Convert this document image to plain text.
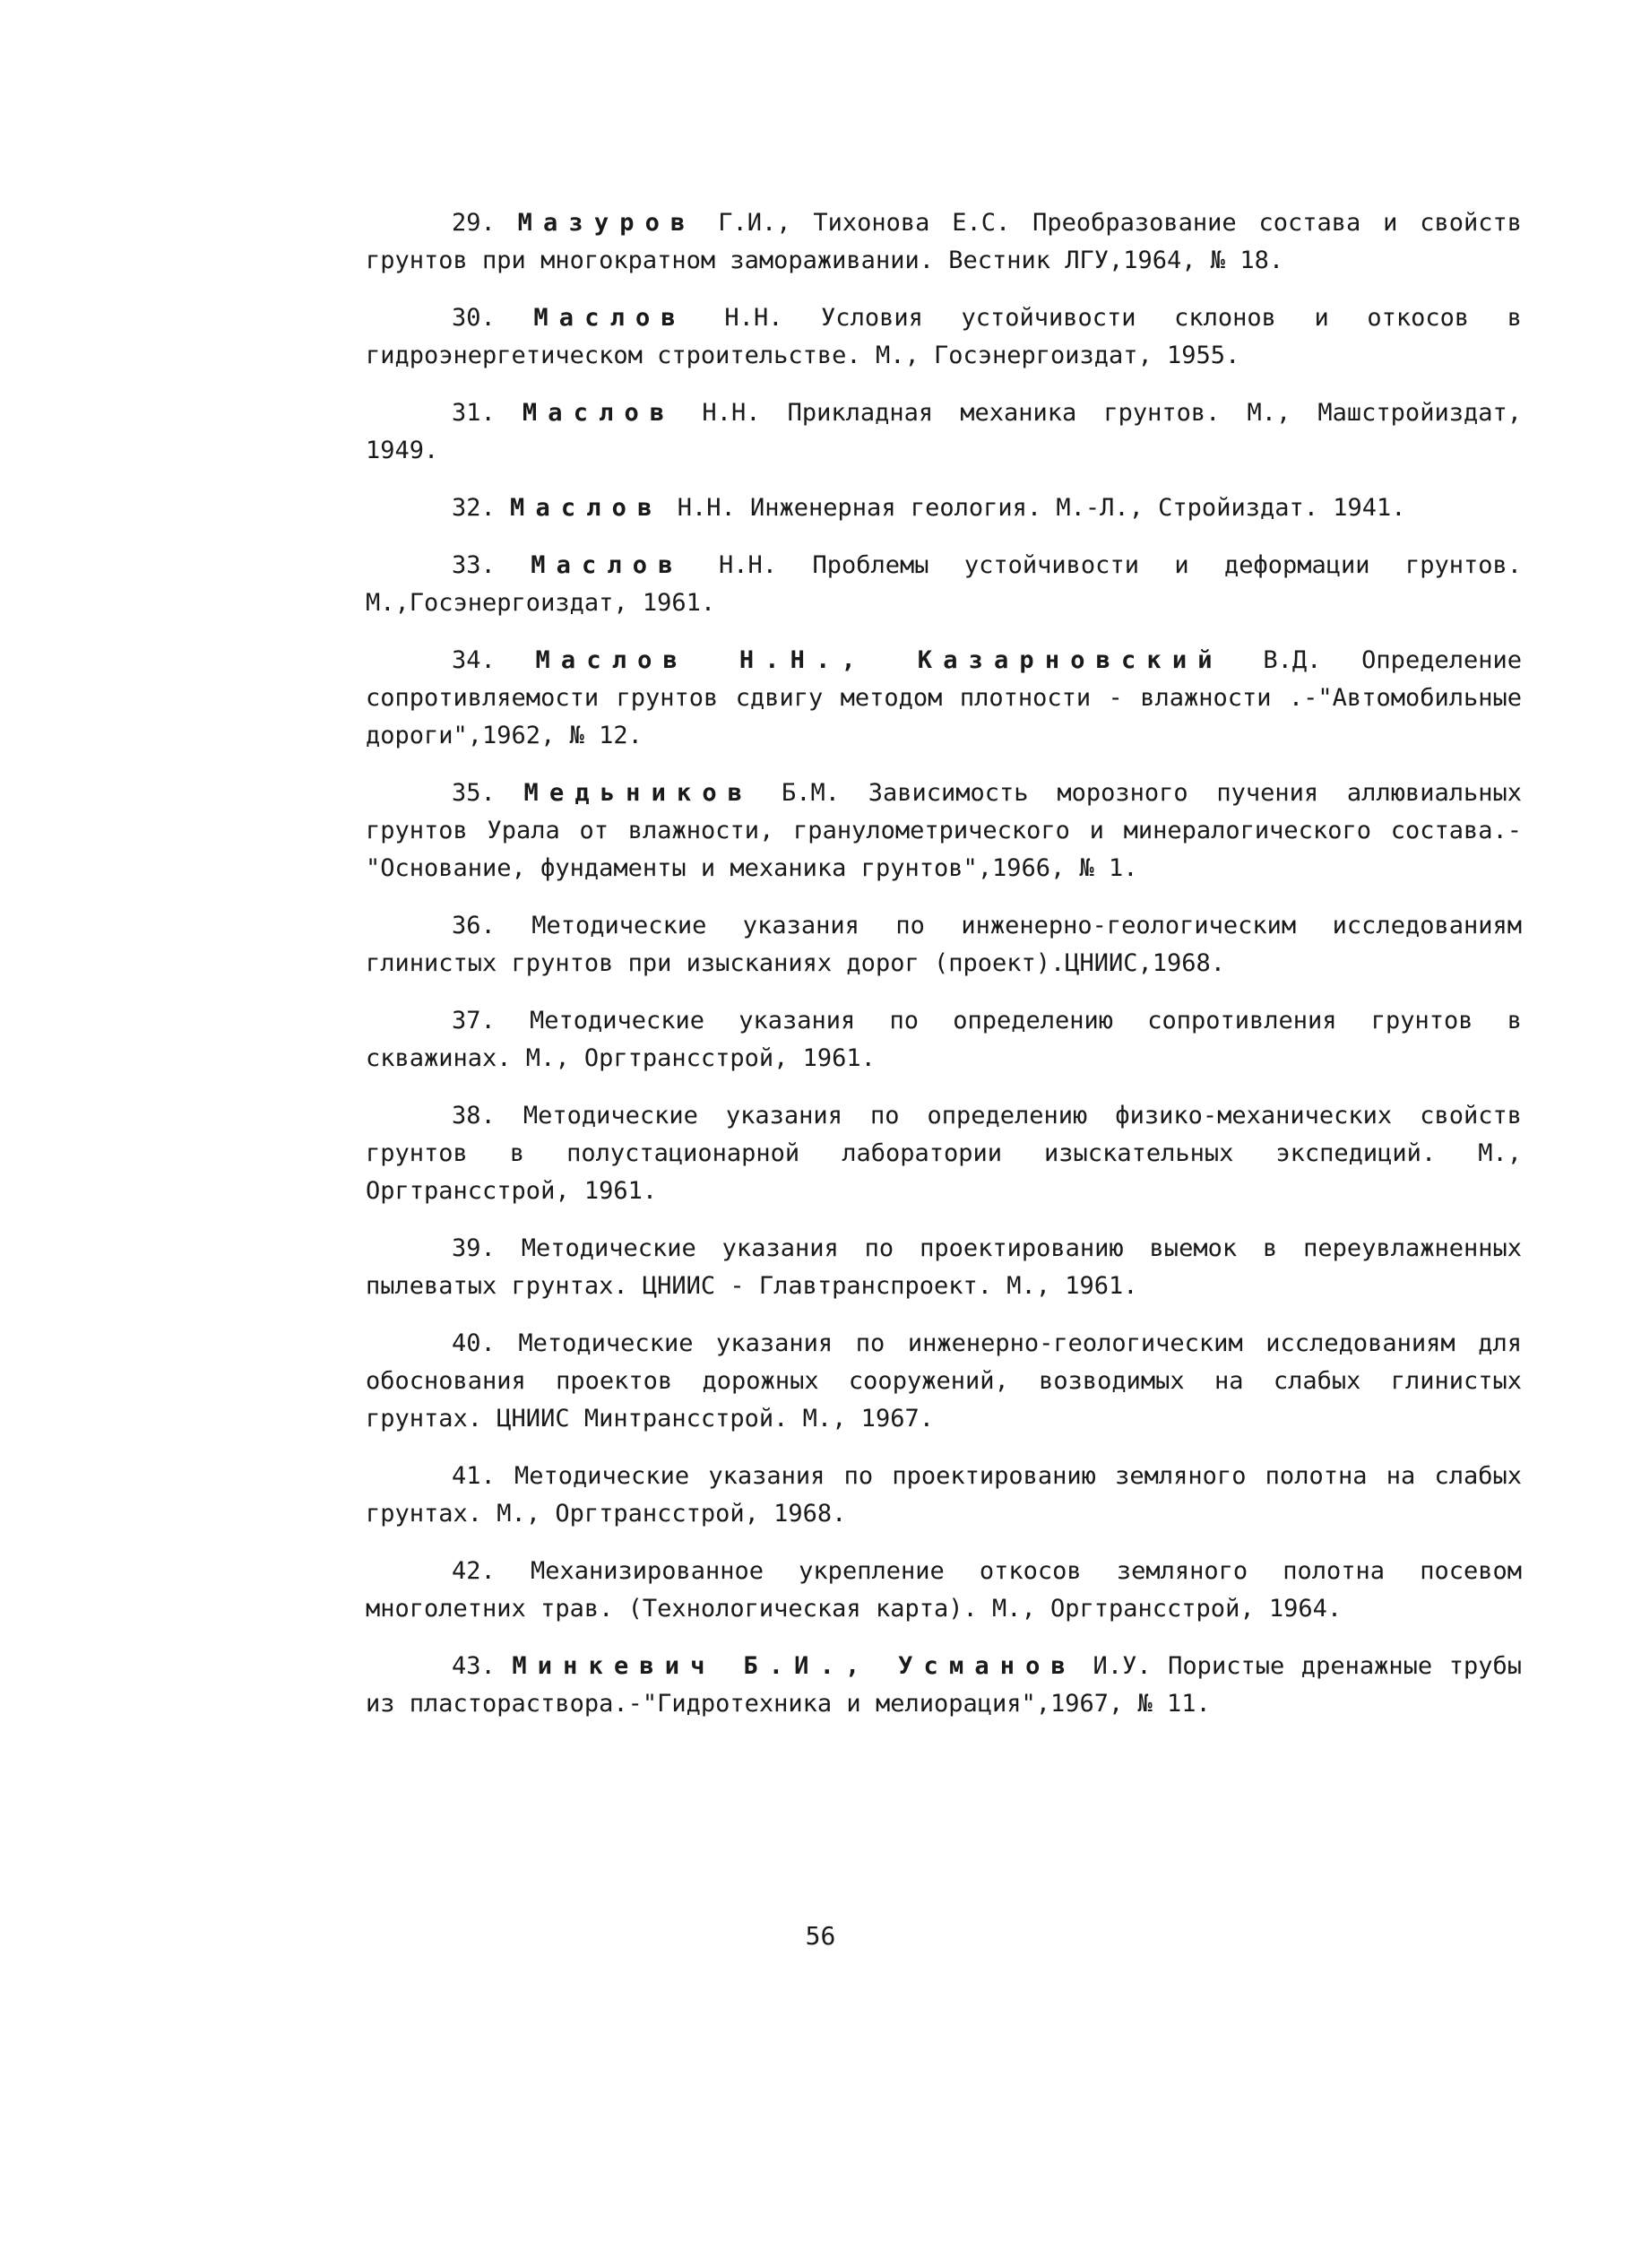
29. Мазуров Г.И., Тихонова Е.С. Преобразование состава и свойств грунтов при многократном замораживании. Вестник ЛГУ,1964, № 18.

30. Маслов Н.Н. Условия устойчивости склонов и откосов в гидроэнергетическом строительстве. М., Госэнергоиздат, 1955.

31. Маслов Н.Н. Прикладная механика грунтов. М., Машстройиздат, 1949.

32. Маслов Н.Н. Инженерная геология. М.-Л., Стройиздат. 1941.

33. Маслов Н.Н. Проблемы устойчивости и деформации грунтов. М.,Госэнергоиздат, 1961.

34. Маслов Н.Н., Казарновский В.Д. Определение сопротивляемости грунтов сдвигу методом плотности - влажности .-"Автомобильные дороги",1962, № 12.

35. Медьников Б.М. Зависимость морозного пучения аллювиальных грунтов Урала от влажности, гранулометрического и минералогического состава.-"Основание, фундаменты и механика грунтов",1966, № 1.

36. Методические указания по инженерно-геологическим исследованиям глинистых грунтов при изысканиях дорог (проект).ЦНИИС,1968.

37. Методические указания по определению сопротивления грунтов в скважинах. М., Оргтрансстрой, 1961.

38. Методические указания по определению физико-механических свойств грунтов в полустационарной лаборатории изыскательных экспедиций. М., Оргтрансстрой, 1961.

39. Методические указания по проектированию выемок в переувлажненных пылеватых грунтах. ЦНИИС - Главтранспроект. М., 1961.

40. Методические указания по инженерно-геологическим исследованиям для обоснования проектов дорожных сооружений, возводимых на слабых глинистых грунтах. ЦНИИС Минтрансстрой. М., 1967.

41. Методические указания по проектированию земляного полотна на слабых грунтах. М., Оргтрансстрой, 1968.

42. Механизированное укрепление откосов земляного полотна посевом многолетних трав. (Технологическая карта). М., Оргтрансстрой, 1964.

43. Минкевич Б.И., Усманов И.У. Пористые дренажные трубы из пластораствора.-"Гидротехника и мелиорация",1967, № 11.

56
